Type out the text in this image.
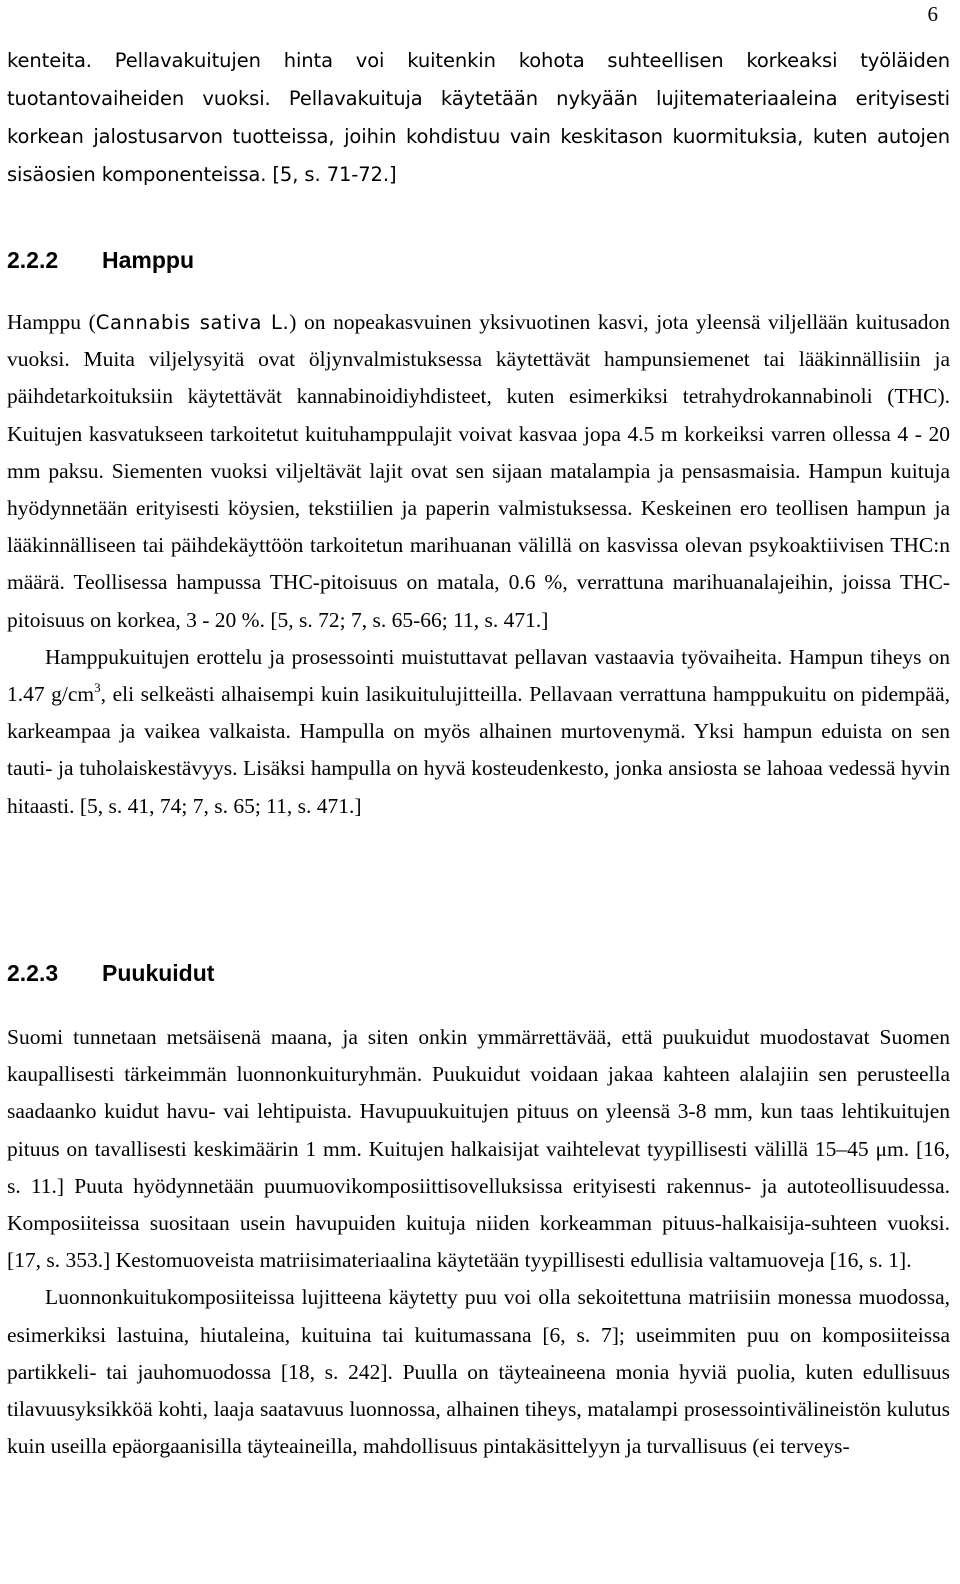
6

kenteita. Pellavakuitujen hinta voi kuitenkin kohota suhteellisen korkeaksi työläiden tuotantovaiheiden vuoksi. Pellavakuituja käytetään nykyään lujitemateriaaleina erityisesti korkean jalostusarvon tuotteissa, joihin kohdistuu vain keskitason kuormituksia, kuten autojen sisäosien komponenteissa. [5, s. 71-72.]

2.2.2 Hamppu

Hamppu (Cannabis sativa L.) on nopeakasvuinen yksivuotinen kasvi, jota yleensä viljellään kuitusadon vuoksi. Muita viljelysyitä ovat öljynvalmistuksessa käytettävät hampunsiemenet tai lääkinnällisiin ja päihdetarkoituksiin käytettävät kannabinoidiyhdisteet, kuten esimerkiksi tetrahydrokannabinoli (THC). Kuitujen kasvatukseen tarkoitetut kuituhamppulajit voivat kasvaa jopa 4.5 m korkeiksi varren ollessa 4 - 20 mm paksu. Siementen vuoksi viljeltävät lajit ovat sen sijaan matalampia ja pensasmaisia. Hampun kuituja hyödynnetään erityisesti köysien, tekstiilien ja paperin valmistuksessa. Keskeinen ero teollisen hampun ja lääkinnälliseen tai päihdekäyttöön tarkoitetun marihuanan välillä on kasvissa olevan psykoaktiivisen THC:n määrä. Teollisessa hampussa THC-pitoisuus on matala, 0.6 %, verrattuna marihuanalajeihin, joissa THC-pitoisuus on korkea, 3 - 20 %. [5, s. 72; 7, s. 65-66; 11, s. 471.]

Hamppukuitujen erottelu ja prosessointi muistuttavat pellavan vastaavia työvaiheita. Hampun tiheys on 1.47 $g/cm^3$, eli selkeästi alhaisempi kuin lasikuitulujitteilla. Pellavaan verrattuna hamppukuitu on pidempää, karkeampaa ja vaikea valkaista. Hampulla on myös alhainen murtovenymä. Yksi hampun eduista on sen tauti- ja tuholaiskestävyys. Lisäksi hampulla on hyvä kosteudenkesto, jonka ansiosta se lahoaa vedessä hyvin hitaasti. [5, s. 41, 74; 7, s. 65; 11, s. 471.]

2.2.3 Puukuidut

Suomi tunnetaan metsäisenä maana, ja siten onkin ymmärrettävää, että puukuidut muodostavat Suomen kaupallisesti tärkeimmän luonnonkuituryhmän. Puukuidut voidaan jakaa kahteen alalajiin sen perusteella saadaanko kuidut havu- vai lehtipuista. Havupuukuitujen pituus on yleensä 3-8 mm, kun taas lehtikuitujen pituus on tavallisesti keskimäärin 1 mm. Kuitujen halkaisijat vaihtelevat tyypillisesti välillä 15–45 μm. [16, s. 11.] Puuta hyödynnetään puumuovikomposiittisovelluksissa erityisesti rakennus- ja autoteollisuudessa. Komposiiteissa suositaan usein havupuiden kuituja niiden korkeamman pituus-halkaisija-suhteen vuoksi. [17, s. 353.] Kestomuoveista matriisimateriaalina käytetään tyypillisesti edullisia valtamuoveja [16, s. 1].

Luonnonkuitukomposiiteissa lujitteena käytetty puu voi olla sekoitettuna matriisiin monessa muodossa, esimerkiksi lastuina, hiutaleina, kuituina tai kuitumassana [6, s. 7]; useimmiten puu on komposiiteissa partikkeli- tai jauhomuodossa [18, s. 242]. Puulla on täyteaineena monia hyviä puolia, kuten edullisuus tilavuusyksikköä kohti, laaja saatavuus luonnossa, alhainen tiheys, matalampi prosessointivälineistön kulutus kuin useilla epäorgaanisilla täyteaineilla, mahdollisuus pintakäsittelyyn ja turvallisuus (ei terveys-
